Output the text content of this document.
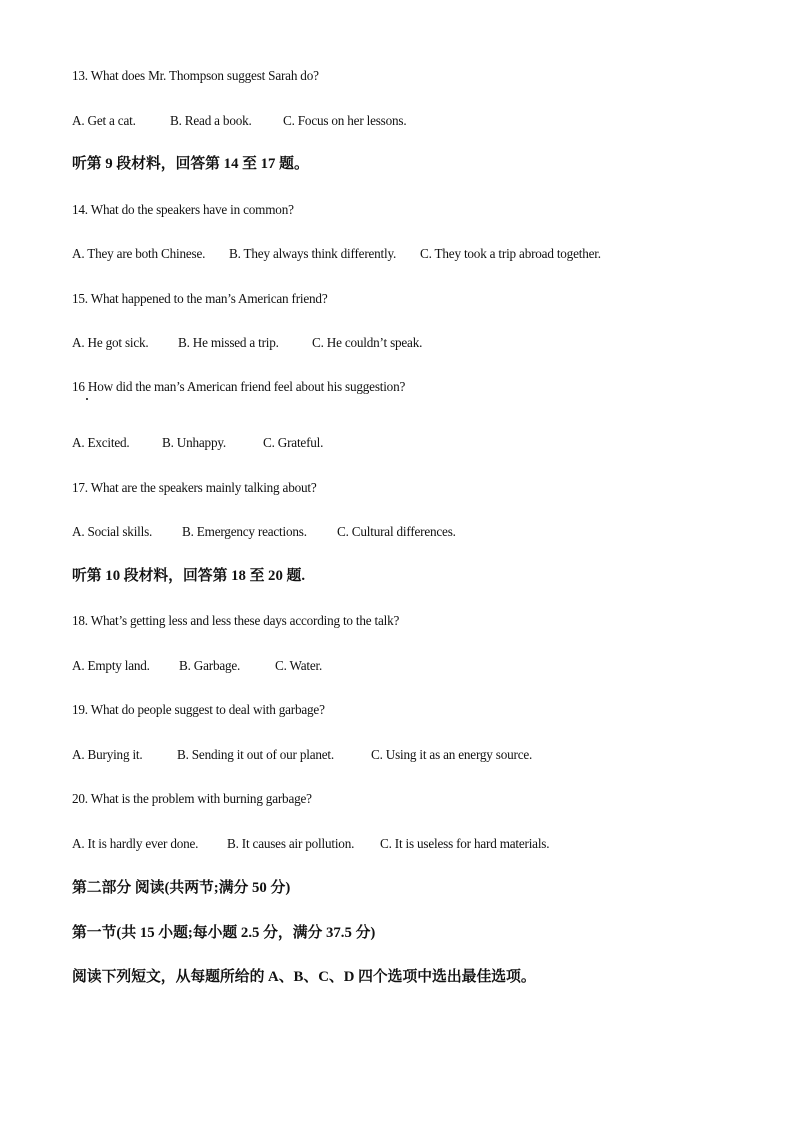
13. What does Mr. Thompson suggest Sarah do?
A. Get a cat.	B. Read a book. C. Focus on her lessons.
听第 9 段材料，回答第 14 至 17 题。
14. What do the speakers have in common?
A. They are both Chinese. B. They always think differently. C. They took a trip abroad together.
15. What happened to the man’s American friend?
A. He got sick. B. He missed a trip.	C. He couldn’t speak.
16 How did the man’s American friend feel about his suggestion?
A. Excited. B. Unhappy.	C. Grateful.
17. What are the speakers mainly talking about?
A. Social skills. B. Emergency reactions. C. Cultural differences.
听第 10 段材料，回答第 18 至 20 题.
18. What’s getting less and less these days according to the talk?
A. Empty land. B. Garbage.	C. Water.
19. What do people suggest to deal with garbage?
A. Burying it.	B. Sending it out of our planet.	C. Using it as an energy source.
20. What is the problem with burning garbage?
A. It is hardly ever done. B. It causes air pollution. C. It is useless for hard materials.
第二部分 阅读(共两节;满分 50 分)
第一节(共 15 小题;每小题 2.5 分，满分 37.5 分)
阅读下列短文，从每题所给的 A、B、C、D 四个选项中选出最佳选项。
